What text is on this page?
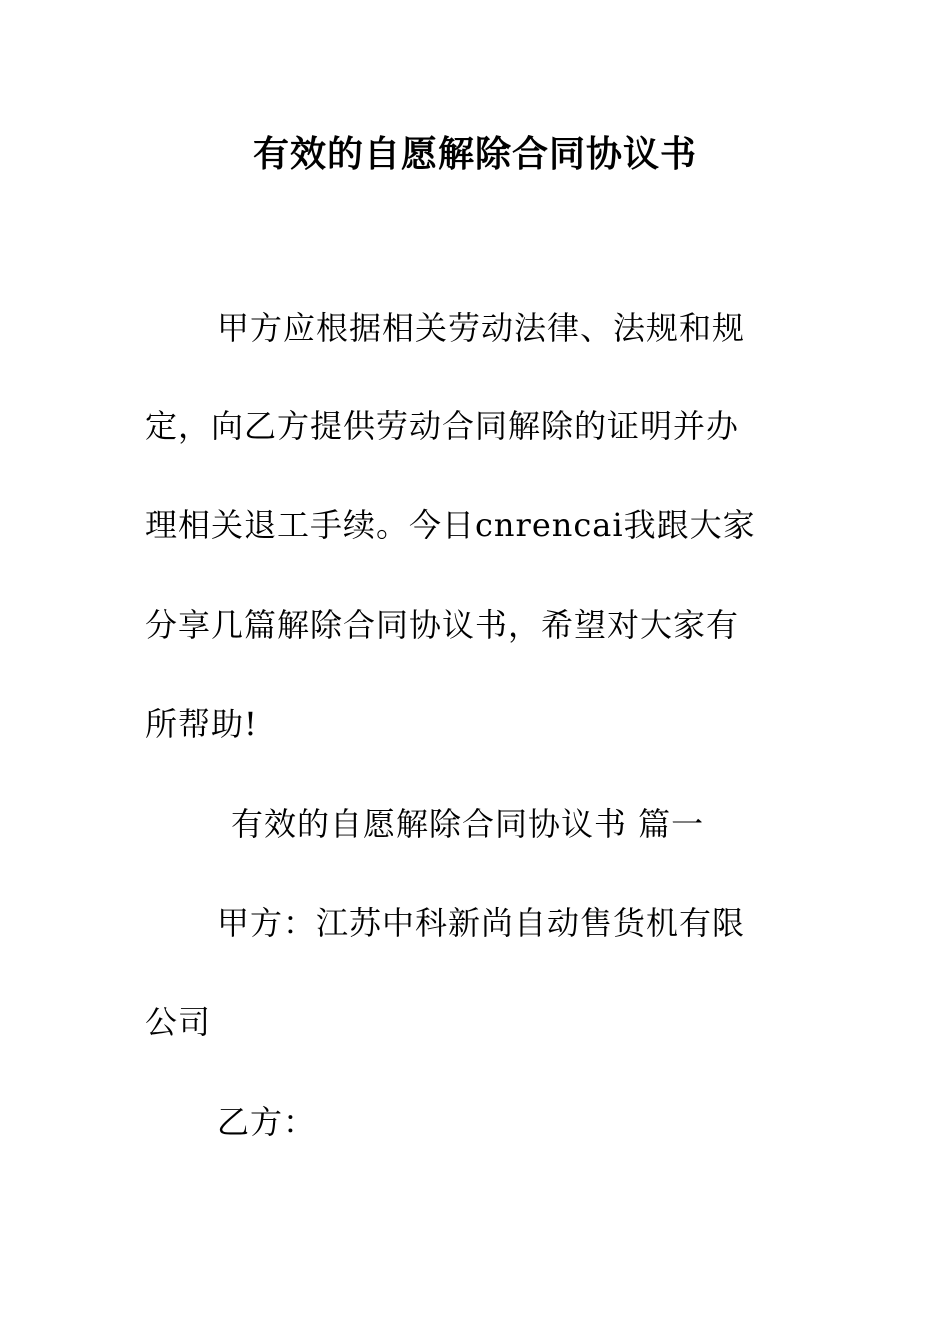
有效的自愿解除合同协议书
甲方应根据相关劳动法律、法规和规
定，向乙方提供劳动合同解除的证明并办
理相关退工手续。今日cnrencai我跟大家
分享几篇解除合同协议书，希望对大家有
所帮助!
有效的自愿解除合同协议书 篇一
甲方：江苏中科新尚自动售货机有限
公司
乙方：
